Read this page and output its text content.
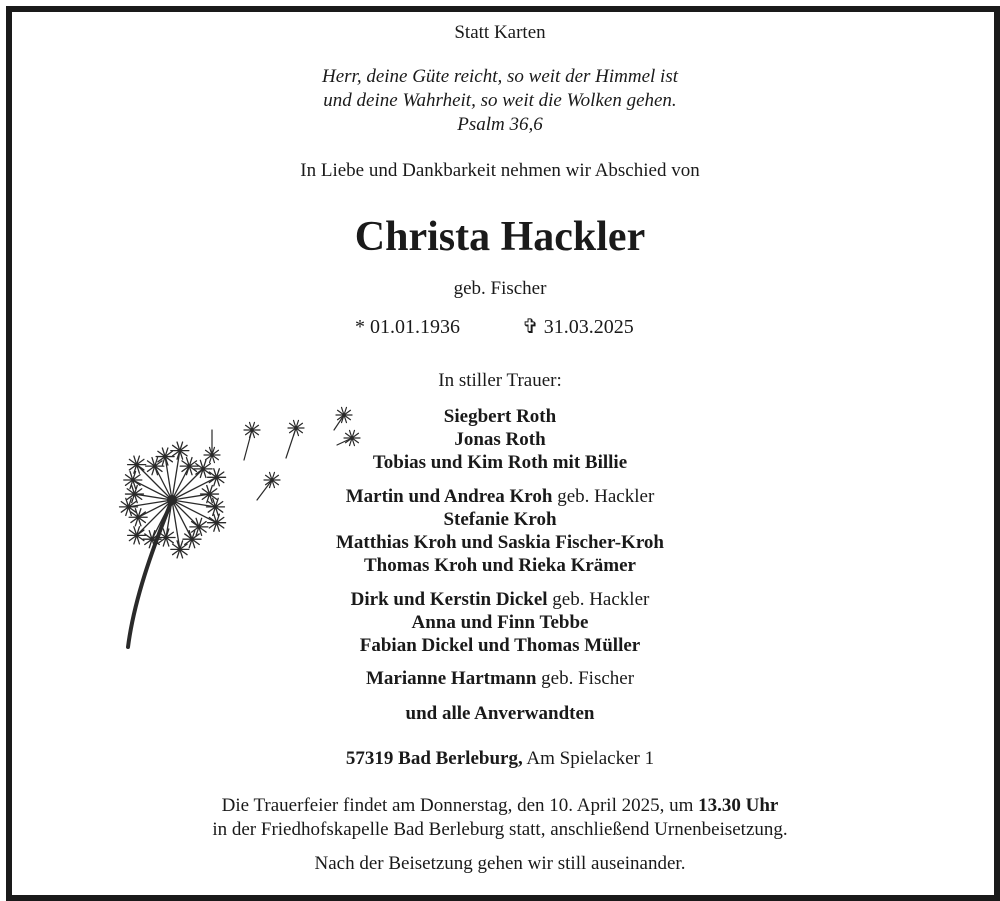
Statt Karten
Herr, deine Güte reicht, so weit der Himmel ist
und deine Wahrheit, so weit die Wolken gehen.
Psalm 36,6
In Liebe und Dankbarkeit nehmen wir Abschied von
Christa Hackler
geb. Fischer
* 01.01.1936	✞ 31.03.2025
In stiller Trauer:
Siegbert Roth
Jonas Roth
Tobias und Kim Roth mit Billie
Martin und Andrea Kroh geb. Hackler
Stefanie Kroh
Matthias Kroh und Saskia Fischer-Kroh
Thomas Kroh und Rieka Krämer
Dirk und Kerstin Dickel geb. Hackler
Anna und Finn Tebbe
Fabian Dickel und Thomas Müller
Marianne Hartmann geb. Fischer
und alle Anverwandten
57319 Bad Berleburg, Am Spielacker 1
Die Trauerfeier findet am Donnerstag, den 10. April 2025, um 13.30 Uhr
in der Friedhofskapelle Bad Berleburg statt, anschließend Urnenbeisetzung.
Nach der Beisetzung gehen wir still auseinander.
